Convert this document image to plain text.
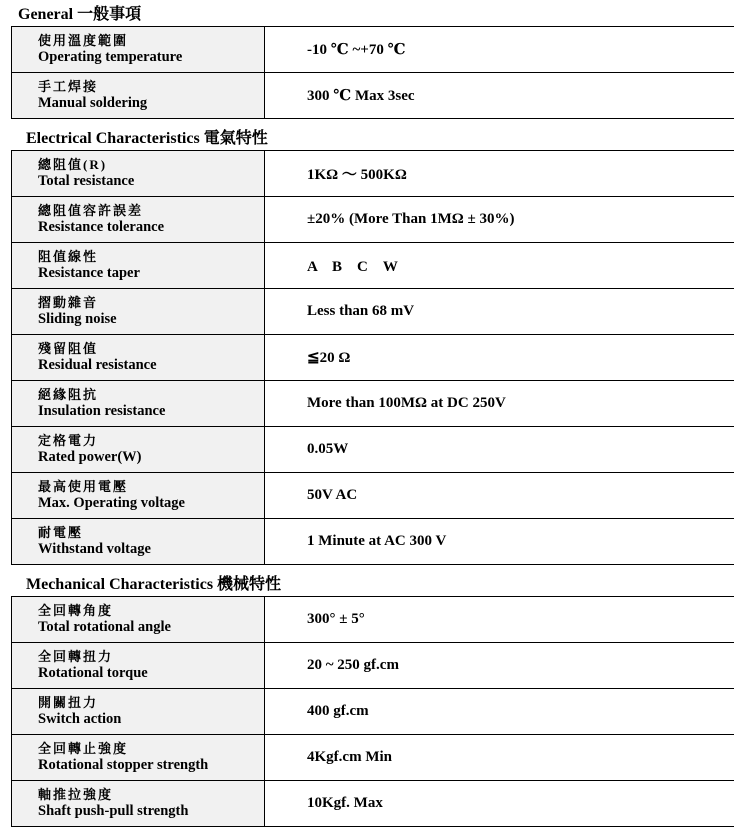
General 一般事項
使用溫度範圍
Operating temperature	-10 ℃ ~+70 ℃

手工焊接
Manual soldering	300 ℃ Max 3sec
Electrical Characteristics 電氣特性
總阻值(R)
Total resistance	1KΩ ～ 500KΩ

總阻值容許誤差
Resistance tolerance	±20% (More Than 1MΩ ± 30%)

阻值線性
Resistance taper	A　B　C　W

摺動雜音
Sliding noise	Less than 68 mV

殘留阻值
Residual resistance	≦20 Ω

絕緣阻抗
Insulation resistance	More than 100MΩ at DC 250V

定格電力
Rated power(W)	0.05W

最高使用電壓
Max. Operating voltage	50V AC

耐電壓
Withstand voltage	1 Minute at AC 300 V
Mechanical Characteristics 機械特性
全回轉角度
Total rotational angle	300° ± 5°

全回轉扭力
Rotational torque	20 ~ 250 gf.cm

開關扭力
Switch action	400 gf.cm

全回轉止強度
Rotational stopper strength	4Kgf.cm Min

軸推拉強度
Shaft push-pull strength	10Kgf. Max
